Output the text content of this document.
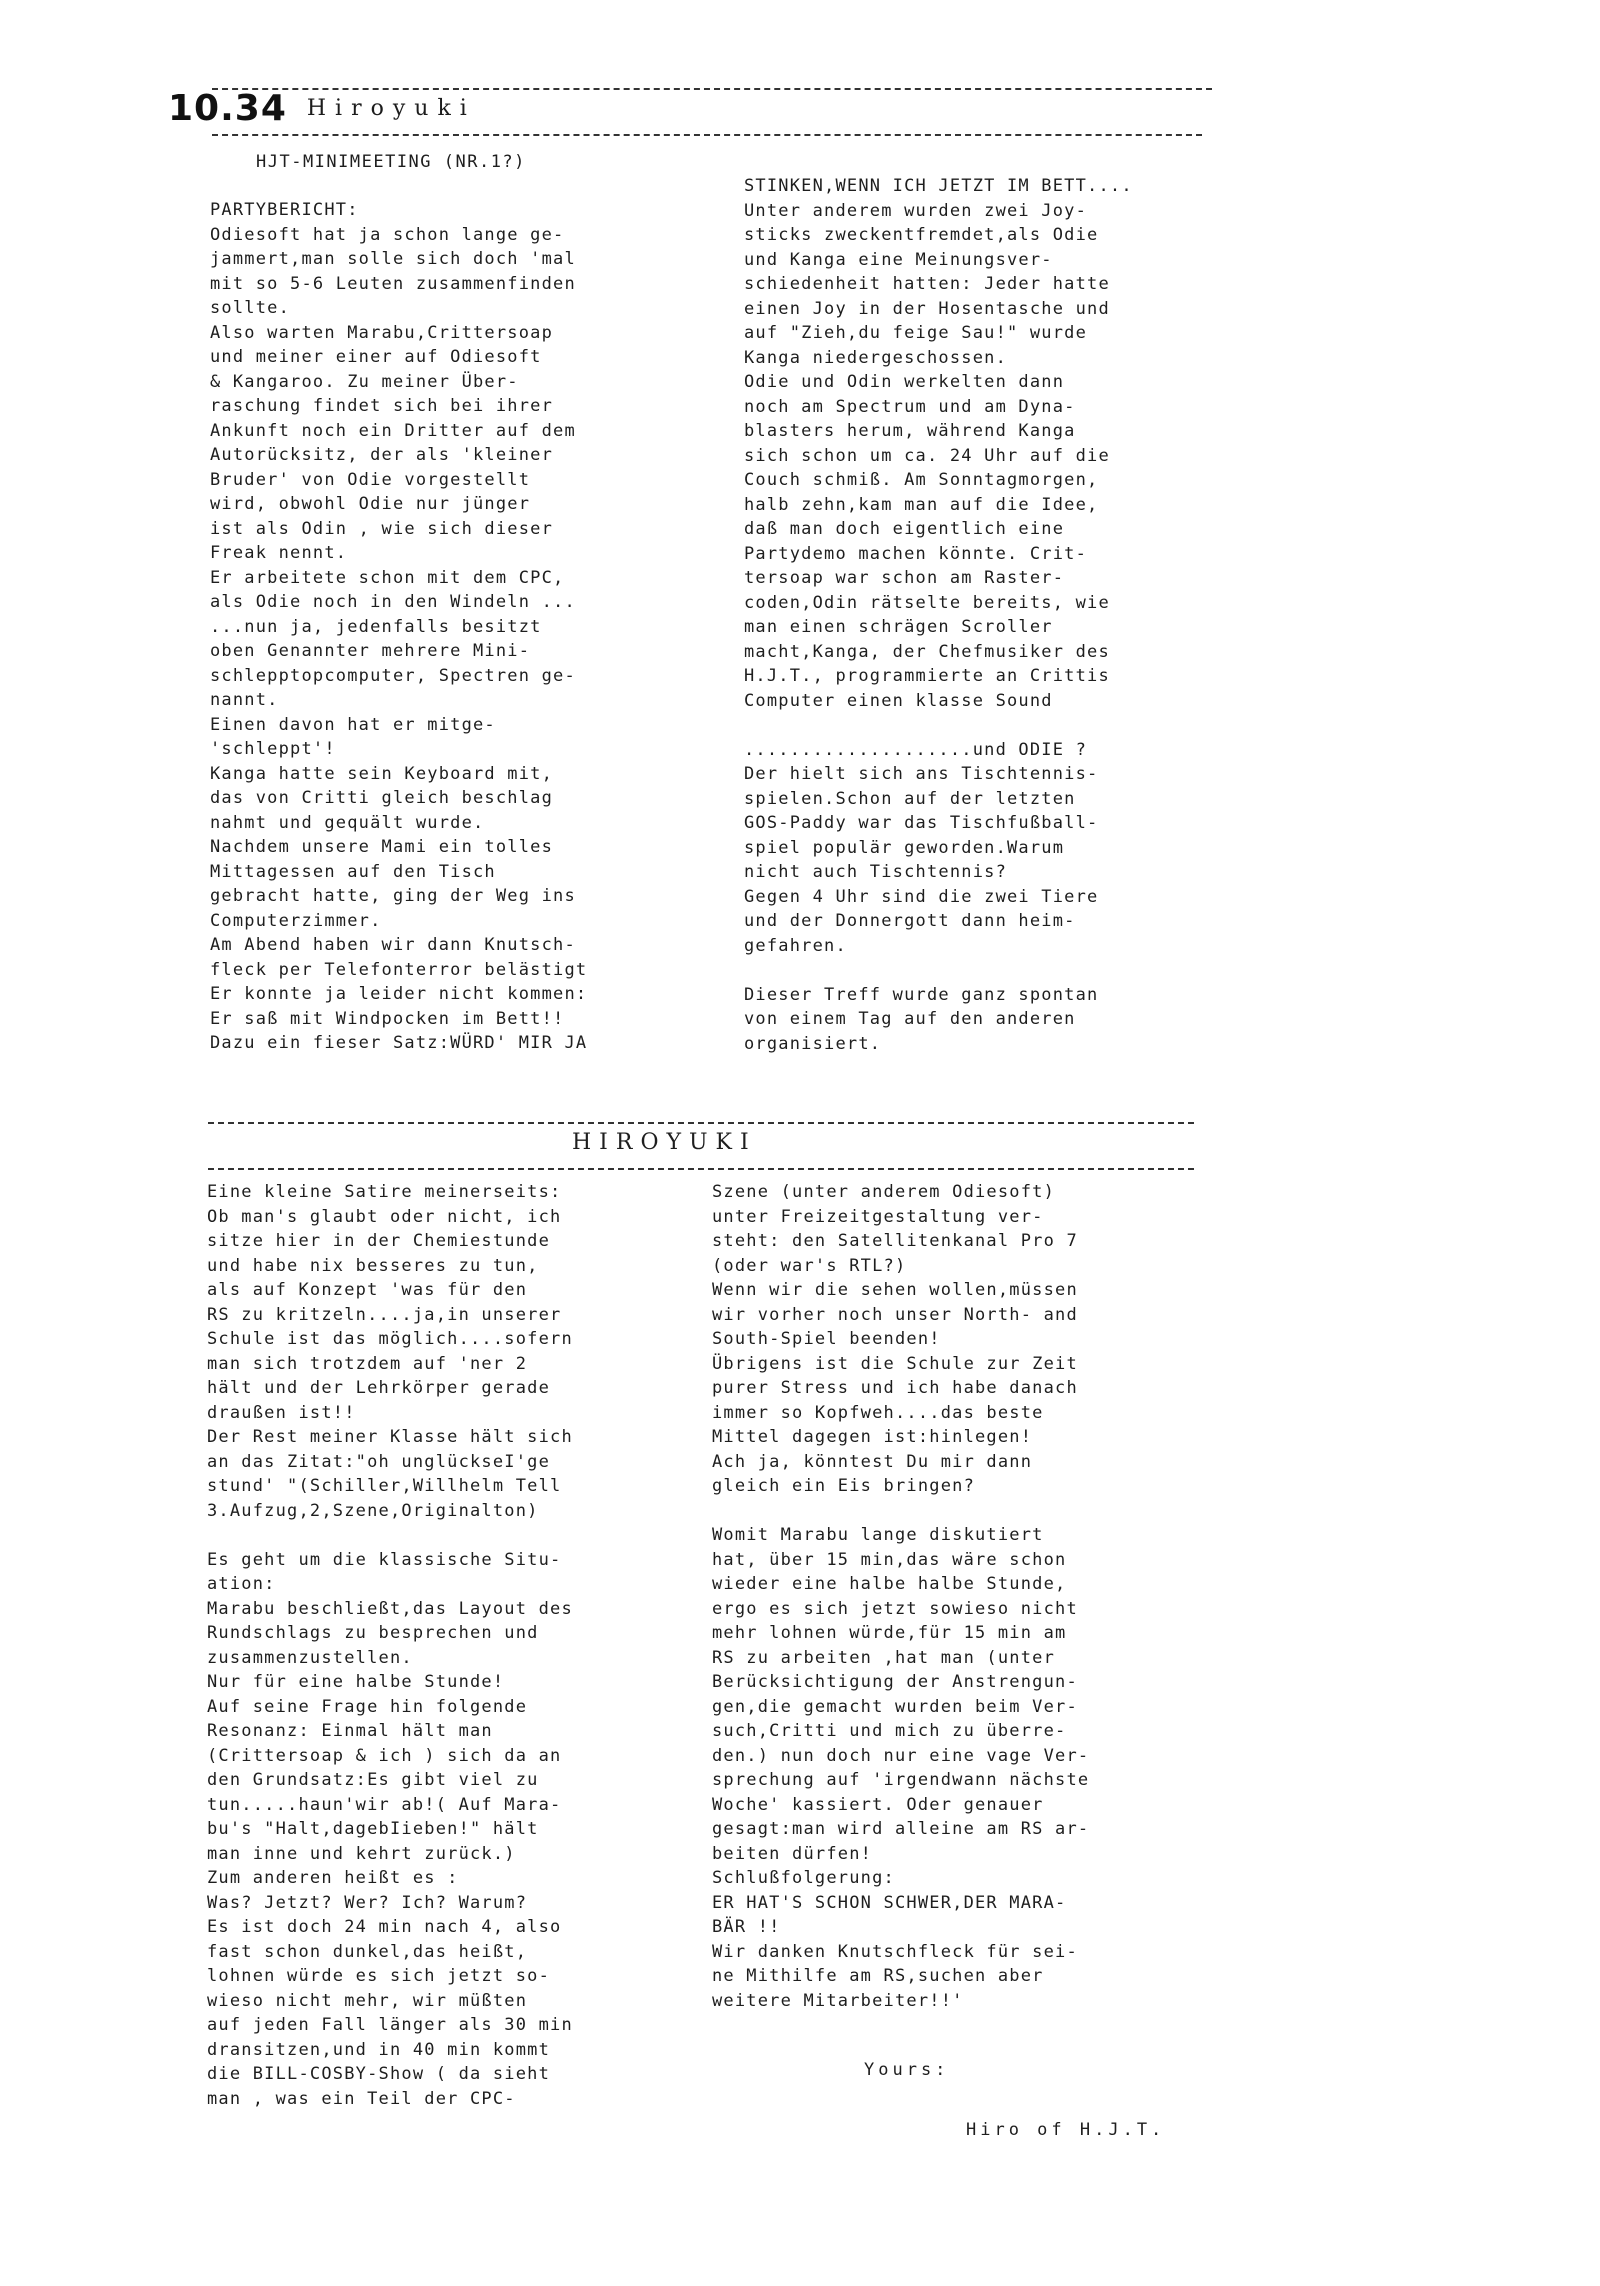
10.34 Hiroyuki
HJT-MINIMEETING (NR.1?)
PARTYBERICHT:
Odiesoft hat ja schon lange ge-
jammert,man solle sich doch 'mal
mit so 5-6 Leuten zusammenfinden
sollte.
Also warten Marabu,Crittersoap
und meiner einer auf Odiesoft
& Kangaroo. Zu meiner Über-
raschung findet sich bei ihrer
Ankunft noch ein Dritter auf dem
Autorücksitz, der als 'kleiner
Bruder' von Odie vorgestellt
wird, obwohl Odie nur jünger
ist als Odin , wie sich dieser
Freak nennt.
Er arbeitete schon mit dem CPC,
als Odie noch in den Windeln ...
...nun ja, jedenfalls besitzt
oben Genannter mehrere Mini-
schlepptopcomputer, Spectren ge-
nannt.
Einen davon hat er mitge-
'schleppt'!
Kanga hatte sein Keyboard mit,
das von Critti gleich beschlag
nahmt und gequält wurde.
Nachdem unsere Mami ein tolles
Mittagessen auf den Tisch
gebracht hatte, ging der Weg ins
Computerzimmer.
Am Abend haben wir dann Knutsch-
fleck per Telefonterror belästigt
Er konnte ja leider nicht kommen:
Er saß mit Windpocken im Bett!!
Dazu ein fieser Satz:WÜRD' MIR JA
STINKEN,WENN ICH JETZT IM BETT....
Unter anderem wurden zwei Joy-
sticks zweckentfremdet,als Odie
und Kanga eine Meinungsver-
schiedenheit hatten: Jeder hatte
einen Joy in der Hosentasche und
auf "Zieh,du feige Sau!" wurde
Kanga niedergeschossen.
Odie und Odin werkelten dann
noch am Spectrum und am Dyna-
blasters herum, während Kanga
sich schon um ca. 24 Uhr auf die
Couch schmiß. Am Sonntagmorgen,
halb zehn,kam man auf die Idee,
daß man doch eigentlich eine
Partydemo machen könnte. Crit-
tersoap war schon am Raster-
coden,Odin rätselte bereits, wie
man einen schrägen Scroller
macht,Kanga, der Chefmusiker des
H.J.T., programmierte an Crittis
Computer einen klasse Sound
....................und ODIE ?
Der hielt sich ans Tischtennis-
spielen.Schon auf der letzten
GOS-Paddy war das Tischfußball-
spiel populär geworden.Warum
nicht auch Tischtennis?
Gegen 4 Uhr sind die zwei Tiere
und der Donnergott dann heim-
gefahren.
Dieser Treff wurde ganz spontan
von einem Tag auf den anderen
organisiert.
HIROYUKI
Eine kleine Satire meinerseits:
Ob man's glaubt oder nicht, ich
sitze hier in der Chemiestunde
und habe nix besseres zu tun,
als auf Konzept 'was für den
RS zu kritzeln....ja,in unserer
Schule ist das möglich....sofern
man sich trotzdem auf 'ner 2
hält und der Lehrkörper gerade
draußen ist!!
Der Rest meiner Klasse hält sich
an das Zitat:"oh unglückseI'ge
stund' "(Schiller,Willhelm Tell
3.Aufzug,2,Szene,Originalton)
Es geht um die klassische Situ-
ation:
Marabu beschließt,das Layout des
Rundschlags zu besprechen und
zusammenzustellen.
Nur für eine halbe Stunde!
Auf seine Frage hin folgende
Resonanz: Einmal hält man
(Crittersoap & ich ) sich da an
den Grundsatz:Es gibt viel zu
tun.....haun'wir ab!( Auf Mara-
bu's "Halt,dagebIieben!" hält
man inne und kehrt zurück.)
Zum anderen heißt es :
Was? Jetzt? Wer? Ich? Warum?
Es ist doch 24 min nach 4, also
fast schon dunkel,das heißt,
lohnen würde es sich jetzt so-
wieso nicht mehr, wir müßten
auf jeden Fall länger als 30 min
dransitzen,und in 40 min kommt
die BILL-COSBY-Show ( da sieht
man , was ein Teil der CPC-
Szene (unter anderem Odiesoft)
unter Freizeitgestaltung ver-
steht: den Satellitenkanal Pro 7
(oder war's RTL?)
Wenn wir die sehen wollen,müssen
wir vorher noch unser North- and
South-Spiel beenden!
Übrigens ist die Schule zur Zeit
purer Stress und ich habe danach
immer so Kopfweh....das beste
Mittel dagegen ist:hinlegen!
Ach ja, könntest Du mir dann
gleich ein Eis bringen?
Womit Marabu lange diskutiert
hat, über 15 min,das wäre schon
wieder eine halbe halbe Stunde,
ergo es sich jetzt sowieso nicht
mehr lohnen würde,für 15 min am
RS zu arbeiten ,hat man (unter
Berücksichtigung der Anstrengun-
gen,die gemacht wurden beim Ver-
such,Critti und mich zu überre-
den.) nun doch nur eine vage Ver-
sprechung auf 'irgendwann nächste
Woche' kassiert. Oder genauer
gesagt:man wird alleine am RS ar-
beiten dürfen!
Schlußfolgerung:
ER HAT'S SCHON SCHWER,DER MARA-
BÄR !!
Wir danken Knutschfleck für sei-
ne Mithilfe am RS,suchen aber
weitere Mitarbeiter!!'
Yours:
Hiro of H.J.T.
